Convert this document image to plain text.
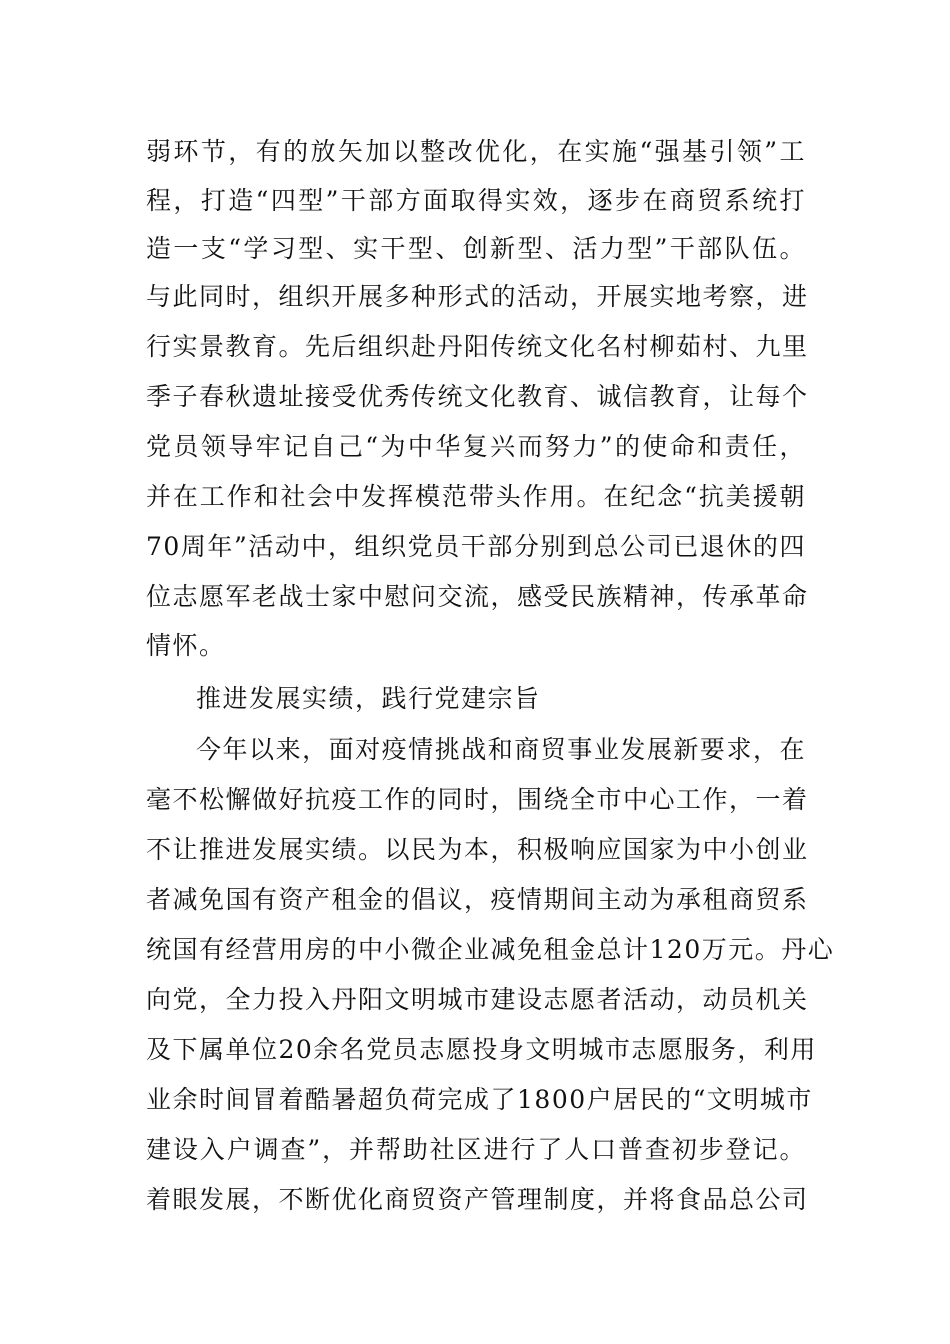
弱环节，有的放矢加以整改优化，在实施“强基引领”工
程，打造“四型”干部方面取得实效，逐步在商贸系统打
造一支“学习型、实干型、创新型、活力型”干部队伍。
与此同时，组织开展多种形式的活动，开展实地考察，进
行实景教育。先后组织赴丹阳传统文化名村柳茹村、九里
季子春秋遗址接受优秀传统文化教育、诚信教育，让每个
党员领导牢记自己“为中华复兴而努力”的使命和责任，
并在工作和社会中发挥模范带头作用。在纪念“抗美援朝
70周年”活动中，组织党员干部分别到总公司已退休的四
位志愿军老战士家中慰问交流，感受民族精神，传承革命
情怀。
推进发展实绩，践行党建宗旨
今年以来，面对疫情挑战和商贸事业发展新要求，在
毫不松懈做好抗疫工作的同时，围绕全市中心工作，一着
不让推进发展实绩。以民为本，积极响应国家为中小创业
者减免国有资产租金的倡议，疫情期间主动为承租商贸系
统国有经营用房的中小微企业减免租金总计120万元。丹心
向党，全力投入丹阳文明城市建设志愿者活动，动员机关
及下属单位20余名党员志愿投身文明城市志愿服务，利用
业余时间冒着酷暑超负荷完成了1800户居民的“文明城市
建设入户调查”，并帮助社区进行了人口普查初步登记。
着眼发展，不断优化商贸资产管理制度，并将食品总公司
